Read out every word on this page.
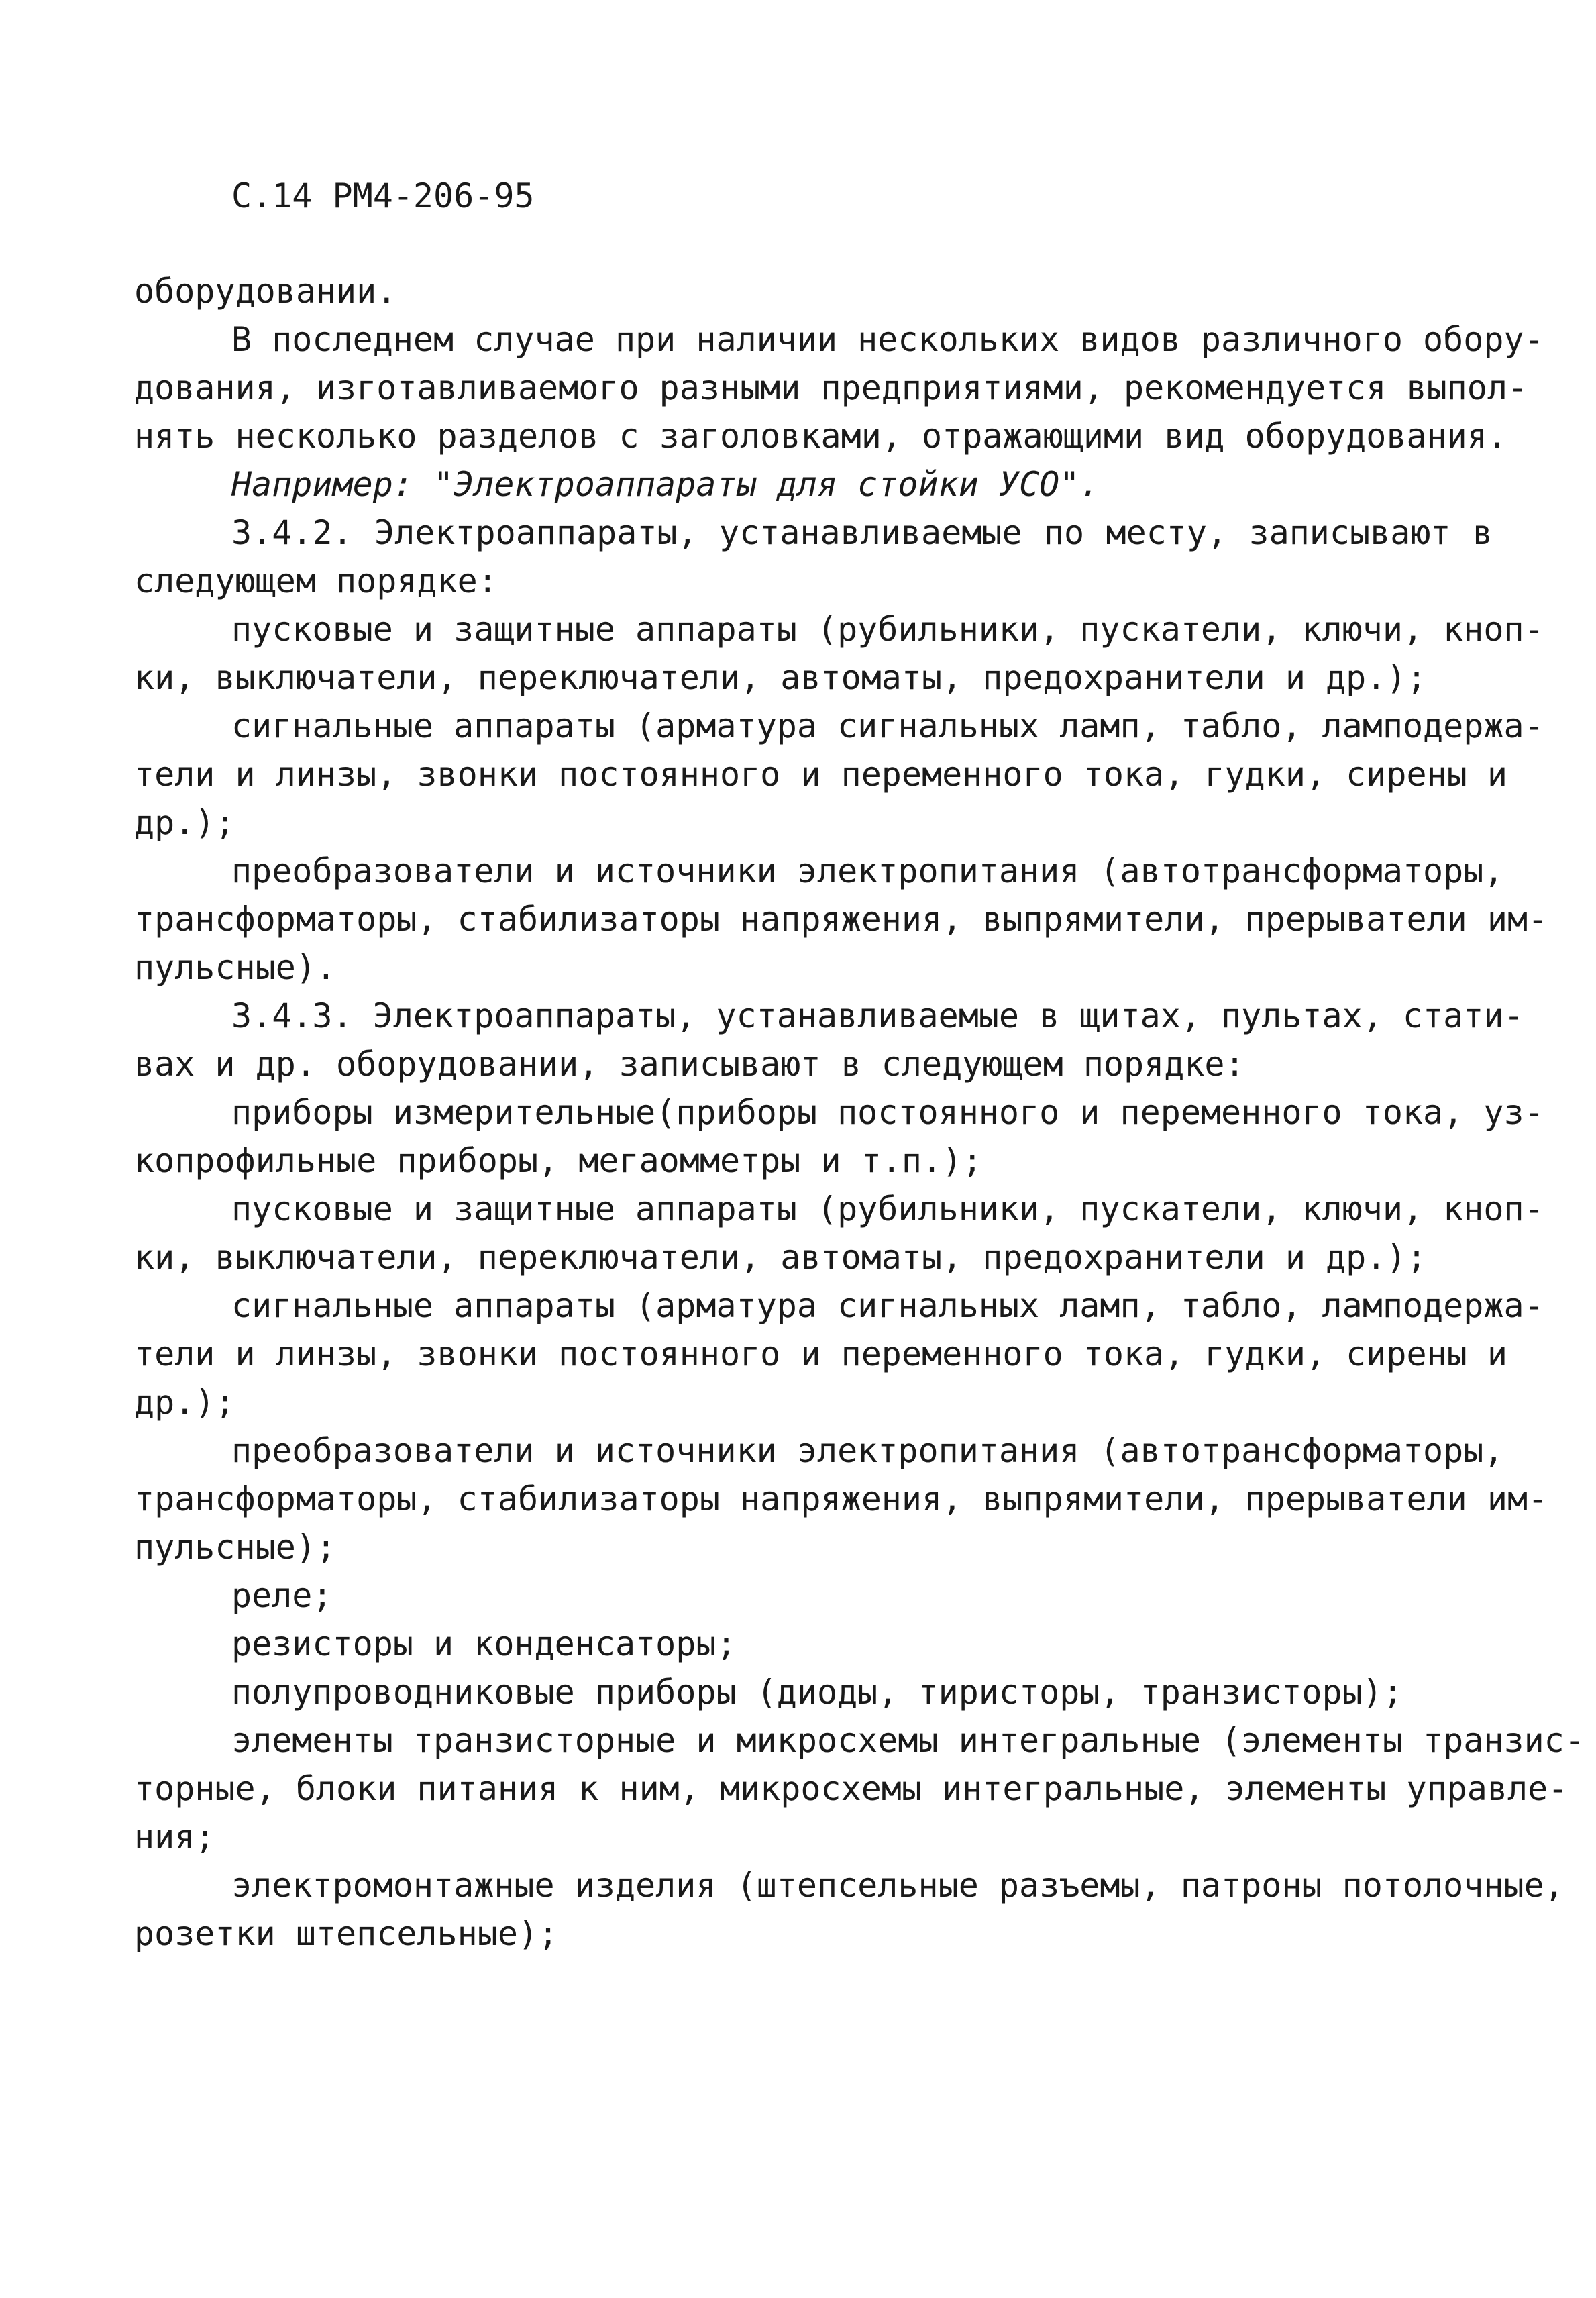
С.14 РМ4-206-95
оборудовании.
В последнем случае при наличии нескольких видов различного обору-
дования, изготавливаемого разными предприятиями, рекомендуется выпол-
нять несколько разделов с заголовками, отражающими вид оборудования.
Например: "Электроаппараты для стойки УСО".
3.4.2. Электроаппараты, устанавливаемые по месту, записывают в
следующем порядке:
пусковые и защитные аппараты (рубильники, пускатели, ключи, кноп-
ки, выключатели, переключатели, автоматы, предохранители и др.);
сигнальные аппараты (арматура сигнальных ламп, табло, ламподержа-
тели и линзы, звонки постоянного и переменного тока, гудки, сирены и
др.);
преобразователи и источники электропитания (автотрансформаторы,
трансформаторы, стабилизаторы напряжения, выпрямители, прерыватели им-
пульсные).
3.4.3. Электроаппараты, устанавливаемые в щитах, пультах, стати-
вах и др. оборудовании, записывают в следующем порядке:
приборы измерительные(приборы постоянного и переменного тока, уз-
копрофильные приборы, мегаомметры и т.п.);
пусковые и защитные аппараты (рубильники, пускатели, ключи, кноп-
ки, выключатели, переключатели, автоматы, предохранители и др.);
сигнальные аппараты (арматура сигнальных ламп, табло, ламподержа-
тели и линзы, звонки постоянного и переменного тока, гудки, сирены и
др.);
преобразователи и источники электропитания (автотрансформаторы,
трансформаторы, стабилизаторы напряжения, выпрямители, прерыватели им-
пульсные);
реле;
резисторы и конденсаторы;
полупроводниковые приборы (диоды, тиристоры, транзисторы);
элементы транзисторные и микросхемы интегральные (элементы транзис-
торные, блоки питания к ним, микросхемы интегральные, элементы управле-
ния;
электромонтажные изделия (штепсельные разъемы, патроны потолочные,
розетки штепсельные);
